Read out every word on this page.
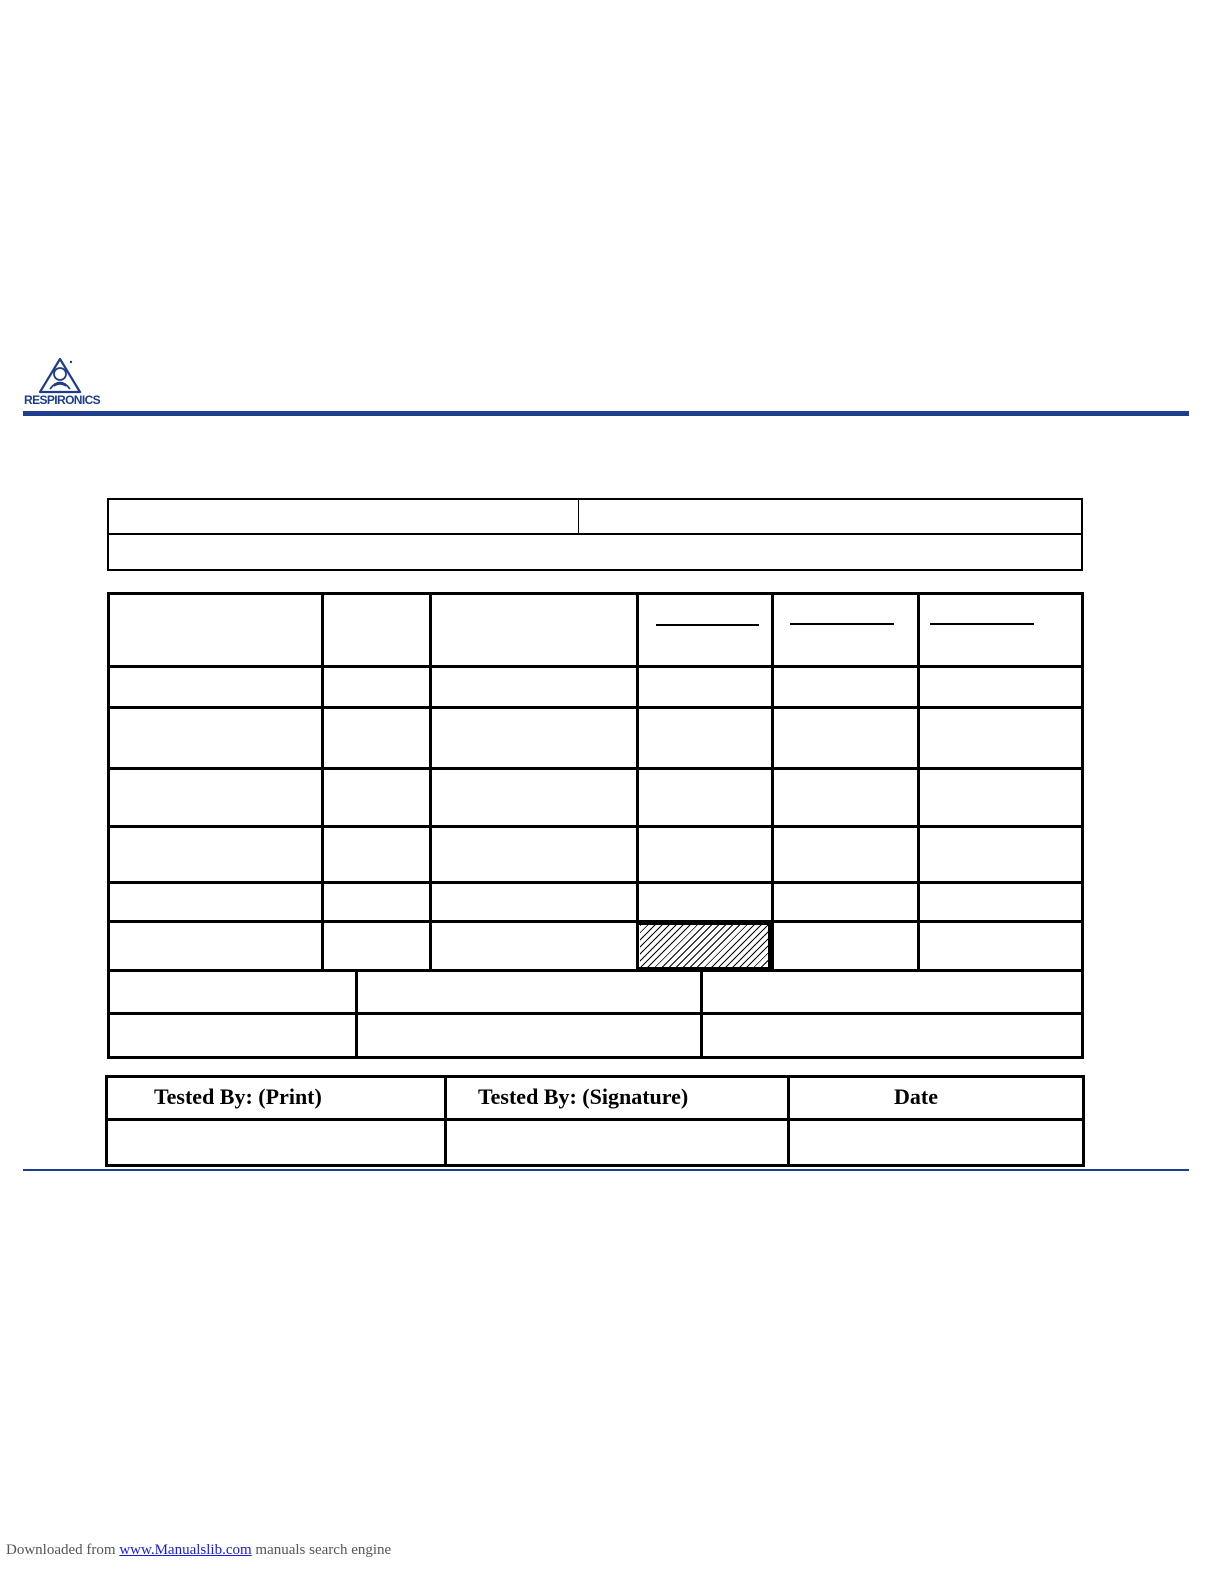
RESPIRONICS
Tested By: (Print)	Tested By: (Signature)	Date
Downloaded from www.Manualslib.com manuals search engine
